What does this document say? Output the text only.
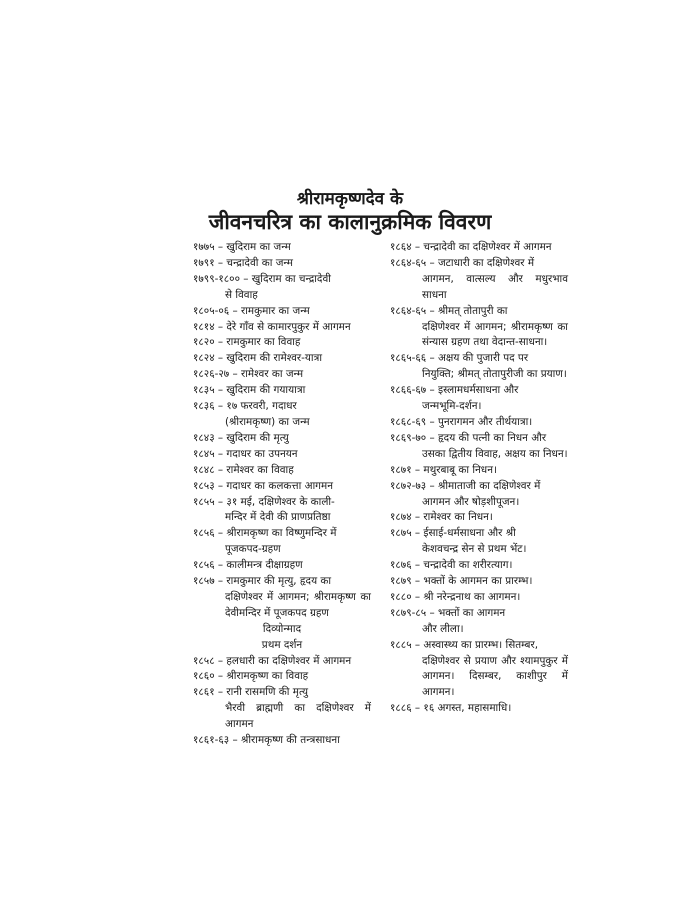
श्रीरामकृष्णदेव के
जीवनचरित्र का कालानुक्रमिक विवरण
१७७५ – खुदिराम का जन्म
१७९१ – चन्द्रादेवी का जन्म
१७९९-१८०० – खुदिराम का चन्द्रादेवी
से विवाह
१८०५-०६ – रामकुमार का जन्म
१८१४ – देरे गाँव से कामारपुकुर में आगमन
१८२० – रामकुमार का विवाह
१८२४ – खुदिराम की रामेश्वर-यात्रा
१८२६-२७ – रामेश्वर का जन्म
१८३५ – खुदिराम की गयायात्रा
१८३६ – १७ फरवरी, गदाधर
(श्रीरामकृष्ण) का जन्म
१८४३ – खुदिराम की मृत्यु
१८४५ – गदाधर का उपनयन
१८४८ – रामेश्वर का विवाह
१८५३ – गदाधर का कलकत्ता आगमन
१८५५ – ३१ मई, दक्षिणेश्वर के काली-
मन्दिर में देवी की प्राणप्रतिष्ठा
१८५६ – श्रीरामकृष्ण का विष्णुमन्दिर में
पूजकपद-ग्रहण
१८५६ – कालीमन्त्र दीक्षाग्रहण
१८५७ – रामकुमार की मृत्यु, हृदय का
दक्षिणेश्वर में आगमन; श्रीरामकृष्ण का देवीमन्दिर में पूजकपद ग्रहण
दिव्योन्माद
प्रथम दर्शन
१८५८ – हलधारी का दक्षिणेश्वर में आगमन
१८६० – श्रीरामकृष्ण का विवाह
१८६१ – रानी रासमणि की मृत्यु
भैरवी ब्राह्मणी का दक्षिणेश्वर में आगमन
१८६१-६३ – श्रीरामकृष्ण की तन्त्रसाधना
१८६४ – चन्द्रादेवी का दक्षिणेश्वर में आगमन
१८६४-६५ – जटाधारी का दक्षिणेश्वर में
आगमन, वात्सल्य और मधुरभाव साधना
१८६४-६५ – श्रीमत् तोतापुरी का
दक्षिणेश्वर में आगमन; श्रीरामकृष्ण का संन्यास ग्रहण तथा वेदान्त-साधना।
१८६५-६६ – अक्षय की पुजारी पद पर
नियुक्ति; श्रीमत् तोतापुरीजी का प्रयाण।
१८६६-६७ – इस्लामधर्मसाधना और
जन्मभूमि-दर्शन।
१८६८-६९ – पुनरागमन और तीर्थयात्रा।
१८६९-७० – हृदय की पत्नी का निधन और
उसका द्वितीय विवाह, अक्षय का निधन।
१८७१ – मथुरबाबू का निधन।
१८७२-७३ – श्रीमाताजी का दक्षिणेश्वर में
आगमन और षोड़शीपूजन।
१८७४ – रामेश्वर का निधन।
१८७५ – ईसाई-धर्मसाधना और श्री
केशवचन्द्र सेन से प्रथम भेंट।
१८७६ – चन्द्रादेवी का शरीरत्याग।
१८७९ – भक्तों के आगमन का प्रारम्भ।
१८८० – श्री नरेन्द्रनाथ का आगमन।
१८७९-८५ – भक्तों का आगमन
और लीला।
१८८५ – अस्वास्थ्य का प्रारम्भ। सितम्बर,
दक्षिणेश्वर से प्रयाण और श्यामपुकुर में आगमन। दिसम्बर, काशीपुर में आगमन।
१८८६ – १६ अगस्त, महासमाधि।
